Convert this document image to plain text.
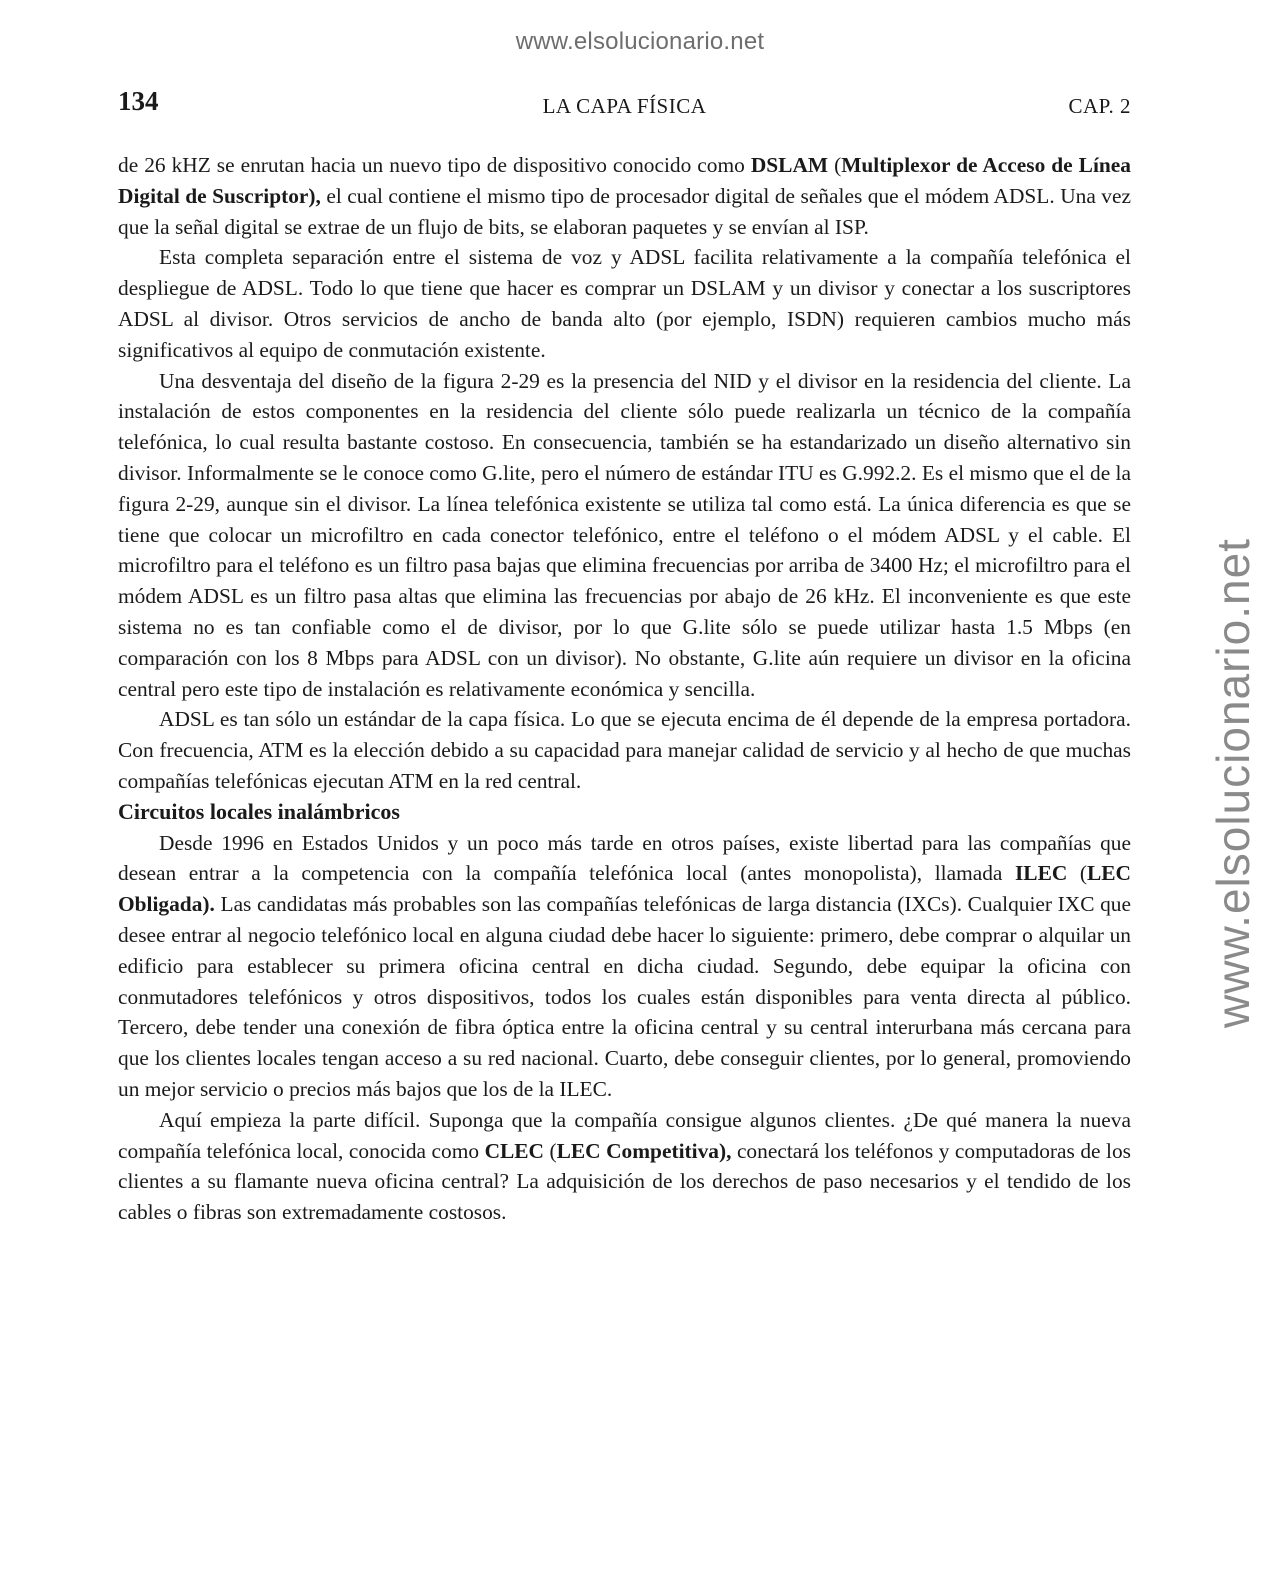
www.elsolucionario.net
www.elsolucionario.net
LA CAPA FÍSICA
134	CAP. 2

de 26 kHZ se enrutan hacia un nuevo tipo de dispositivo conocido como DSLAM (Multiplexor de Acceso de Línea Digital de Suscriptor), el cual contiene el mismo tipo de procesador digital de señales que el módem ADSL. Una vez que la señal digital se extrae de un flujo de bits, se elaboran paquetes y se envían al ISP.

Esta completa separación entre el sistema de voz y ADSL facilita relativamente a la compañía telefónica el despliegue de ADSL. Todo lo que tiene que hacer es comprar un DSLAM y un divisor y conectar a los suscriptores ADSL al divisor. Otros servicios de ancho de banda alto (por ejemplo, ISDN) requieren cambios mucho más significativos al equipo de conmutación existente.

Una desventaja del diseño de la figura 2-29 es la presencia del NID y el divisor en la residencia del cliente. La instalación de estos componentes en la residencia del cliente sólo puede realizarla un técnico de la compañía telefónica, lo cual resulta bastante costoso. En consecuencia, también se ha estandarizado un diseño alternativo sin divisor. Informalmente se le conoce como G.lite, pero el número de estándar ITU es G.992.2. Es el mismo que el de la figura 2-29, aunque sin el divisor. La línea telefónica existente se utiliza tal como está. La única diferencia es que se tiene que colocar un microfiltro en cada conector telefónico, entre el teléfono o el módem ADSL y el cable. El microfiltro para el teléfono es un filtro pasa bajas que elimina frecuencias por arriba de 3400 Hz; el microfiltro para el módem ADSL es un filtro pasa altas que elimina las frecuencias por abajo de 26 kHz. El inconveniente es que este sistema no es tan confiable como el de divisor, por lo que G.lite sólo se puede utilizar hasta 1.5 Mbps (en comparación con los 8 Mbps para ADSL con un divisor). No obstante, G.lite aún requiere un divisor en la oficina central pero este tipo de instalación es relativamente económica y sencilla.

ADSL es tan sólo un estándar de la capa física. Lo que se ejecuta encima de él depende de la empresa portadora. Con frecuencia, ATM es la elección debido a su capacidad para manejar calidad de servicio y al hecho de que muchas compañías telefónicas ejecutan ATM en la red central.

Circuitos locales inalámbricos

Desde 1996 en Estados Unidos y un poco más tarde en otros países, existe libertad para las compañías que desean entrar a la competencia con la compañía telefónica local (antes monopolista), llamada ILEC (LEC Obligada). Las candidatas más probables son las compañías telefónicas de larga distancia (IXCs). Cualquier IXC que desee entrar al negocio telefónico local en alguna ciudad debe hacer lo siguiente: primero, debe comprar o alquilar un edificio para establecer su primera oficina central en dicha ciudad. Segundo, debe equipar la oficina con conmutadores telefónicos y otros dispositivos, todos los cuales están disponibles para venta directa al público. Tercero, debe tender una conexión de fibra óptica entre la oficina central y su central interurbana más cercana para que los clientes locales tengan acceso a su red nacional. Cuarto, debe conseguir clientes, por lo general, promoviendo un mejor servicio o precios más bajos que los de la ILEC.

Aquí empieza la parte difícil. Suponga que la compañía consigue algunos clientes. ¿De qué manera la nueva compañía telefónica local, conocida como CLEC (LEC Competitiva), conectará los teléfonos y computadoras de los clientes a su flamante nueva oficina central? La adquisición de los derechos de paso necesarios y el tendido de los cables o fibras son extremadamente costosos.
